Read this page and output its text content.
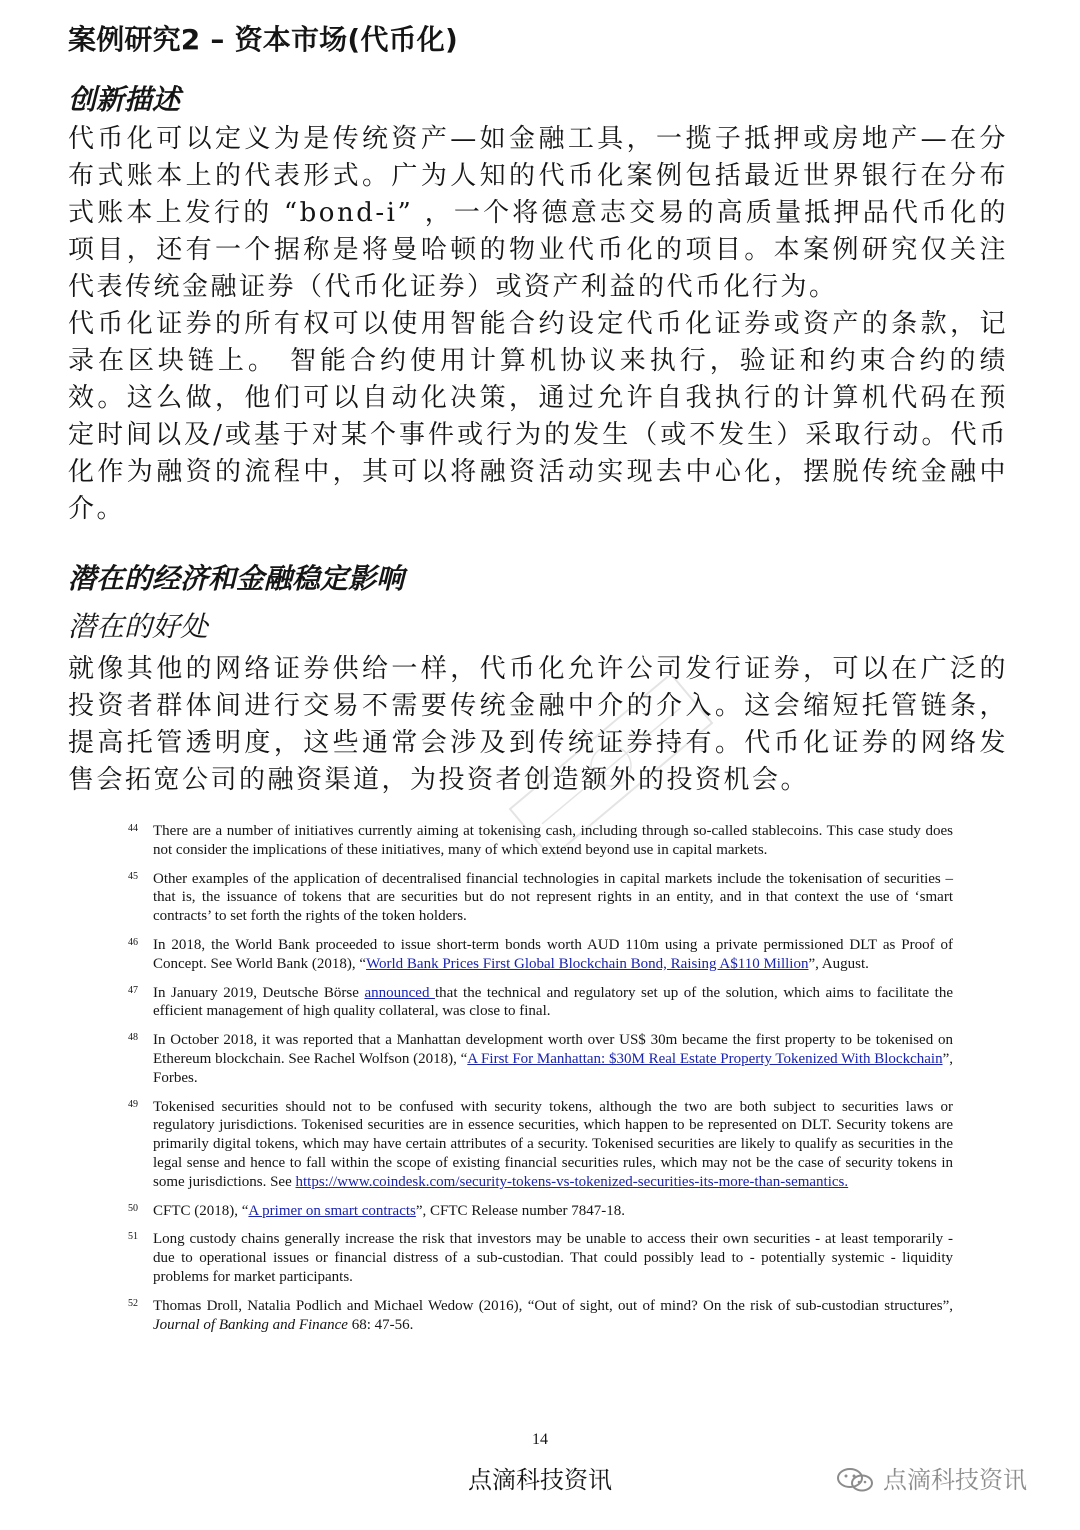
案例研究2 – 资本市场(代币化)
创新描述

代币化可以定义为是传统资产—如金融工具，一揽子抵押或房地产—在分布式账本上的代表形式。广为人知的代币化案例包括最近世界银行在分布式账本上发行的 “bond-i” ，一个将德意志交易的高质量抵押品代币化的项目，还有一个据称是将曼哈顿的物业代币化的项目。本案例研究仅关注代表传统金融证券（代币化证券）或资产利益的代币化行为。

代币化证券的所有权可以使用智能合约设定代币化证券或资产的条款，记录在区块链上。 智能合约使用计算机协议来执行，验证和约束合约的绩效。这么做，他们可以自动化决策，通过允许自我执行的计算机代码在预定时间以及/或基于对某个事件或行为的发生（或不发生）采取行动。代币化作为融资的流程中，其可以将融资活动实现去中心化，摆脱传统金融中介。

潜在的经济和金融稳定影响
潜在的好处

就像其他的网络证券供给一样，代币化允许公司发行证券，可以在广泛的投资者群体间进行交易不需要传统金融中介的介入。这会缩短托管链条，提高托管透明度，这些通常会涉及到传统证券持有。代币化证券的网络发售会拓宽公司的融资渠道，为投资者创造额外的投资机会。

44 There are a number of initiatives currently aiming at tokenising cash, including through so-called stablecoins. This case study does not consider the implications of these initiatives, many of which extend beyond use in capital markets.
45 Other examples of the application of decentralised financial technologies in capital markets include the tokenisation of securities – that is, the issuance of tokens that are securities but do not represent rights in an entity, and in that context the use of ‘smart contracts’ to set forth the rights of the token holders.
46 In 2018, the World Bank proceeded to issue short-term bonds worth AUD 110m using a private permissioned DLT as Proof of Concept. See World Bank (2018), “World Bank Prices First Global Blockchain Bond, Raising A$110 Million”, August.
47 In January 2019, Deutsche Börse announced that the technical and regulatory set up of the solution, which aims to facilitate the efficient management of high quality collateral, was close to final.
48 In October 2018, it was reported that a Manhattan development worth over US$ 30m became the first property to be tokenised on Ethereum blockchain. See Rachel Wolfson (2018), “A First For Manhattan: $30M Real Estate Property Tokenized With Blockchain”, Forbes.
49 Tokenised securities should not to be confused with security tokens, although the two are both subject to securities laws or regulatory jurisdictions. Tokenised securities are in essence securities, which happen to be represented on DLT. Security tokens are primarily digital tokens, which may have certain attributes of a security. Tokenised securities are likely to qualify as securities in the legal sense and hence to fall within the scope of existing financial securities rules, which may not be the case of security tokens in some jurisdictions. See https://www.coindesk.com/security-tokens-vs-tokenized-securities-its-more-than-semantics.
50 CFTC (2018), “A primer on smart contracts”, CFTC Release number 7847-18.
51 Long custody chains generally increase the risk that investors may be unable to access their own securities - at least temporarily - due to operational issues or financial distress of a sub-custodian. That could possibly lead to - potentially systemic - liquidity problems for market participants.
52 Thomas Droll, Natalia Podlich and Michael Wedow (2016), “Out of sight, out of mind? On the risk of sub-custodian structures”, Journal of Banking and Finance 68: 47-56.
14
点滴科技资讯	点滴科技资讯
